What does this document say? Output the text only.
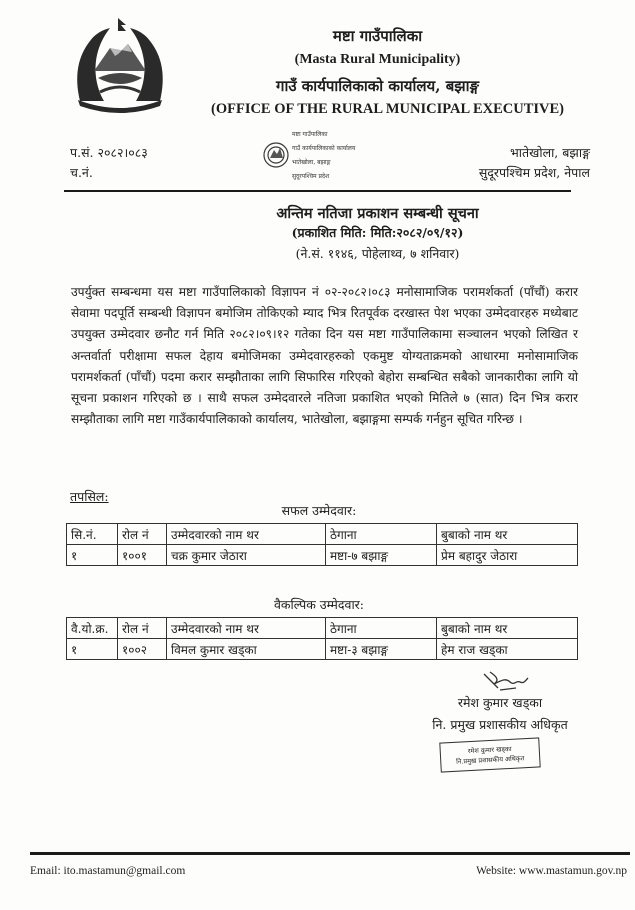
मष्टा गाउँपालिका
(Masta Rural Municipality)
गाउँ कार्यपालिकाको कार्यालय, बझाङ्ग
(OFFICE OF THE RURAL MUNICIPAL EXECUTIVE)
प.सं. २०८२।०८३
च.नं.
भातेखोला, बझाङ्ग
सुदूरपश्चिम प्रदेश, नेपाल
मष्टा गाउँपालिका
गाउँ कार्यपालिकाको कार्यालय
भातेखोला, बझाङ्ग
सुदूरपश्चिम प्रदेश
अन्तिम नतिजा प्रकाशन सम्बन्धी सूचना
(प्रकाशित मिति: मिति:२०८२/०९/१२)
(ने.सं. ११४६, पोहेलाथ्व, ७ शनिवार)
उपर्युक्त सम्बन्धमा यस मष्टा गाउँपालिकाको विज्ञापन नं ०२-२०८२।०८३ मनोसामाजिक परामर्शकर्ता (पाँचौं) करार सेवामा पदपूर्ति सम्बन्धी विज्ञापन बमोजिम तोकिएको म्याद भित्र रितपूर्वक दरखास्त पेश भएका उम्मेदवारहरु मध्येबाट उपयुक्त उम्मेदवार छनौट गर्न मिति २०८२।०९।१२ गतेका दिन यस मष्टा गाउँपालिकामा सञ्चालन भएको लिखित र अन्तर्वार्ता परीक्षामा सफल देहाय बमोजिमका उम्मेदवारहरुको एकमुष्ट योग्यताक्रमको आधारमा मनोसामाजिक परामर्शकर्ता (पाँचौं) पदमा करार सम्झौताका लागि सिफारिस गरिएको बेहोरा सम्बन्धित सबैको जानकारीका लागि यो सूचना प्रकाशन गरिएको छ । साथै सफल उम्मेदवारले नतिजा प्रकाशित भएको मितिले ७ (सात) दिन भित्र करार सम्झौताका लागि मष्टा गाउँकार्यपालिकाको कार्यालय, भातेखोला, बझाङ्गमा सम्पर्क गर्नहुन सूचित गरिन्छ ।
तपसिल:
सफल उम्मेदवार:
सि.नं.	रोल नं	उम्मेदवारको नाम थर	ठेगाना	बुबाको नाम थर
१	१००१	चक्र कुमार जेठारा	मष्टा-७ बझाङ्ग	प्रेम बहादुर जेठारा
वैकल्पिक उम्मेदवार:
वै.यो.क्र.	रोल नं	उम्मेदवारको नाम थर	ठेगाना	बुबाको नाम थर
१	१००२	विमल कुमार खड्का	मष्टा-३ बझाङ्ग	हेम राज खड्का
रमेश कुमार खड्का
नि. प्रमुख प्रशासकीय अधिकृत
रमेश कुमार खड्का
नि.प्रमुख प्रशासकीय अधिकृत
Email: ito.mastamun@gmail.com	Website: www.mastamun.gov.np
